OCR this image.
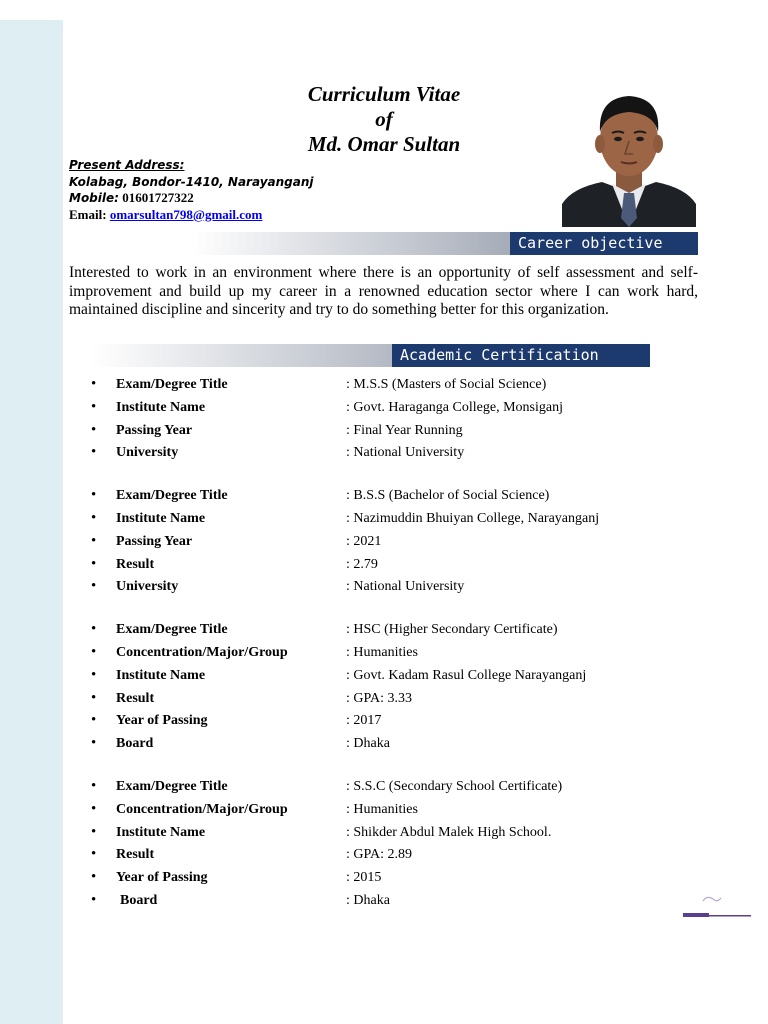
Curriculum Vitae
of
Md. Omar Sultan
Present Address:
Kolabag, Bondor-1410, Narayanganj
Mobile: 01601727322
Email: omarsultan798@gmail.com
Career objective
Interested to work in an environment where there is an opportunity of self assessment and self-improvement and build up my career in a renowned education sector where I can work hard, maintained discipline and sincerity and try to do something better for this organization.
Academic Certification
• Exam/Degree Title	: M.S.S (Masters of Social Science)
• Institute Name	: Govt. Haraganga College, Monsiganj
• Passing Year	: Final Year Running
• University	: National University
• Exam/Degree Title	: B.S.S (Bachelor of Social Science)
• Institute Name	: Nazimuddin Bhuiyan College, Narayanganj
• Passing Year	: 2021
• Result	: 2.79
• University	: National University
• Exam/Degree Title	: HSC (Higher Secondary Certificate)
• Concentration/Major/Group	: Humanities
• Institute Name	: Govt. Kadam Rasul College Narayanganj
• Result	: GPA: 3.33
• Year of Passing	: 2017
• Board	: Dhaka
• Exam/Degree Title	: S.S.C (Secondary School Certificate)
• Concentration/Major/Group	: Humanities
• Institute Name	: Shikder Abdul Malek High School.
• Result	: GPA: 2.89
• Year of Passing	: 2015
• Board	: Dhaka
